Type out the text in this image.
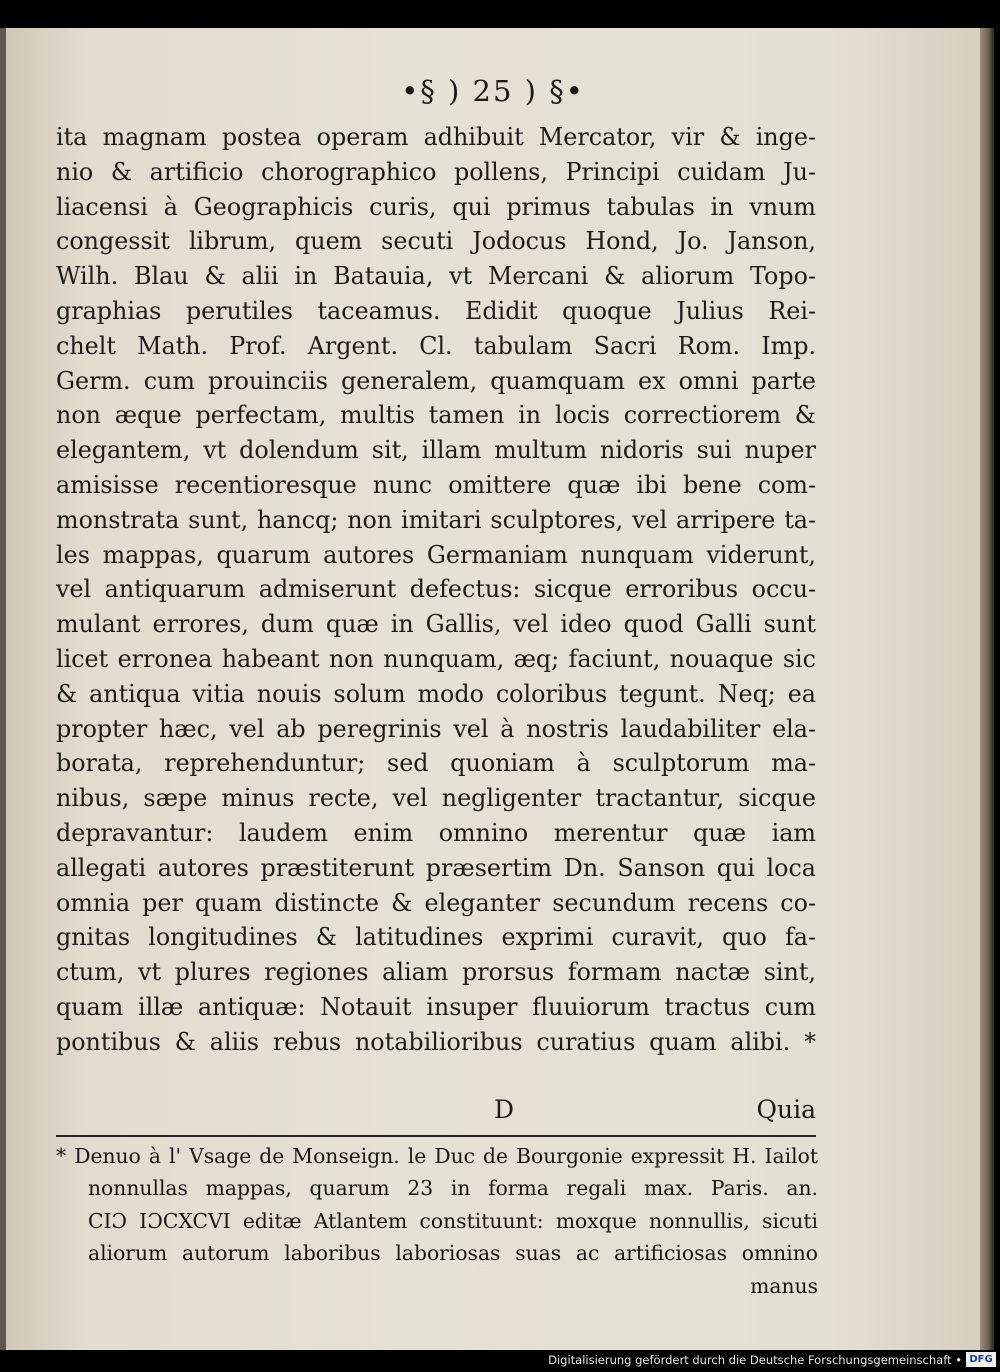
•§ ) 25 ) §•
ita magnam postea operam adhibuit Mercator, vir & inge-
nio & artificio chorographico pollens, Principi cuidam Ju-
liacensi à Geographicis curis, qui primus tabulas in vnum
congessit librum, quem secuti Jodocus Hond, Jo. Janson,
Wilh. Blau & alii in Batauia, vt Mercani & aliorum Topo-
graphias perutiles taceamus. Edidit quoque Julius Rei-
chelt Math. Prof. Argent. Cl. tabulam Sacri Rom. Imp.
Germ. cum prouinciis generalem, quamquam ex omni parte
non æque perfectam, multis tamen in locis correctiorem &
elegantem, vt dolendum sit, illam multum nidoris sui nuper
amisisse recentioresque nunc omittere quæ ibi bene com-
monstrata sunt, hancq; non imitari sculptores, vel arripere ta-
les mappas, quarum autores Germaniam nunquam viderunt,
vel antiquarum admiserunt defectus: sicque erroribus occu-
mulant errores, dum quæ in Gallis, vel ideo quod Galli sunt
licet erronea habeant non nunquam, æq; faciunt, nouaque sic
& antiqua vitia nouis solum modo coloribus tegunt. Neq; ea
propter hæc, vel ab peregrinis vel à nostris laudabiliter ela-
borata, reprehenduntur; sed quoniam à sculptorum ma-
nibus, sæpe minus recte, vel negligenter tractantur, sicque
depravantur: laudem enim omnino merentur quæ iam
allegati autores præstiterunt præsertim Dn. Sanson qui loca
omnia per quam distincte & eleganter secundum recens co-
gnitas longitudines & latitudines exprimi curavit, quo fa-
ctum, vt plures regiones aliam prorsus formam nactæ sint,
quam illæ antiquæ: Notauit insuper fluuiorum tractus cum
pontibus & aliis rebus notabilioribus curatius quam alibi. *
D	Quia
* Denuo à l' Vsage de Monseign. le Duc de Bourgonie expressit H. Iailot
nonnullas mappas, quarum 23 in forma regali max. Paris. an.
CIƆ IƆCXCVI editæ Atlantem constituunt: moxque nonnullis, sicuti
aliorum autorum laboribus laboriosas suas ac artificiosas omnino
manus
Digitalisierung gefördert durch die Deutsche Forschungsgemeinschaft • DFG
